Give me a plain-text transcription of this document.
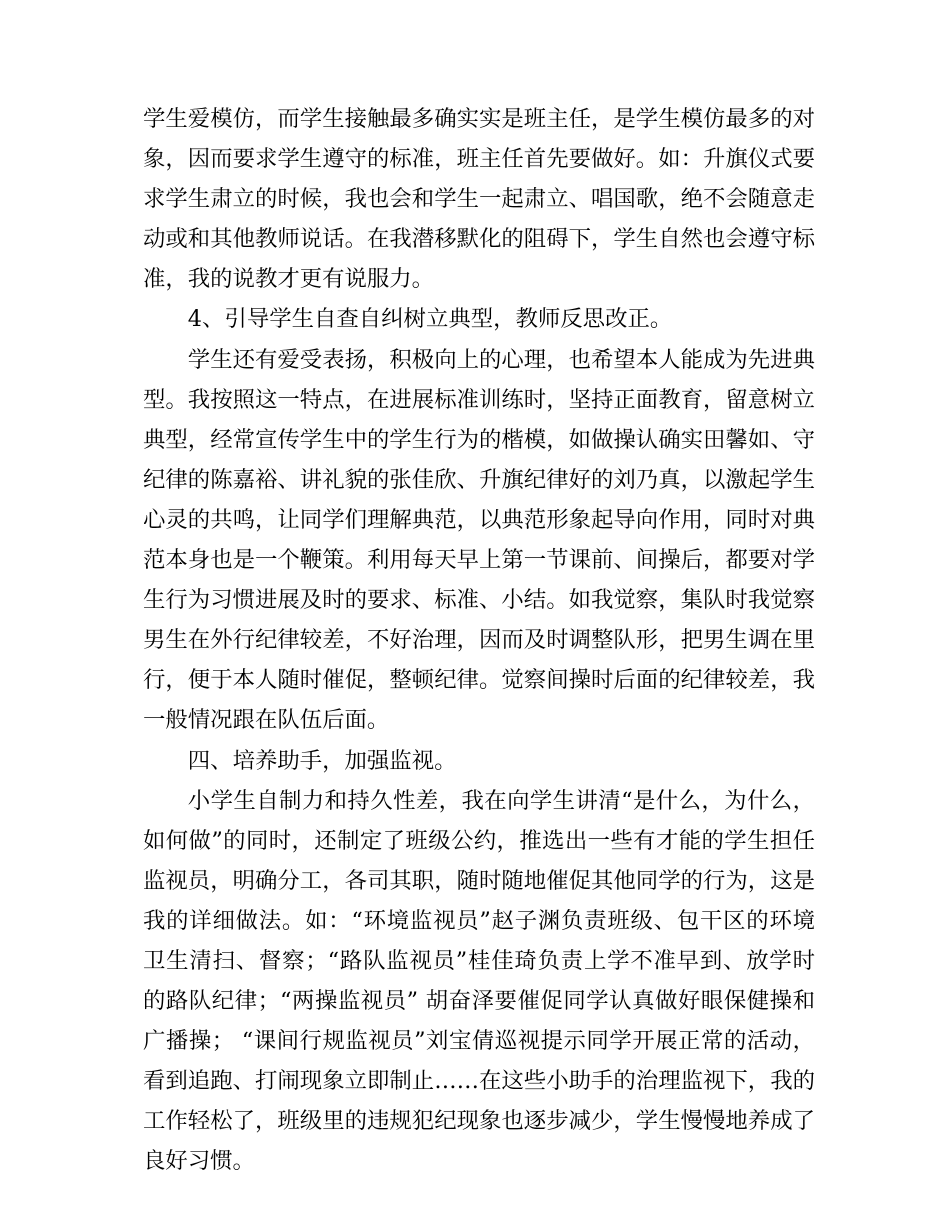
学生爱模仿，而学生接触最多确实实是班主任，是学生模仿最多的对象，因而要求学生遵守的标准，班主任首先要做好。如：升旗仪式要求学生肃立的时候，我也会和学生一起肃立、唱国歌，绝不会随意走动或和其他教师说话。在我潜移默化的阻碍下，学生自然也会遵守标准，我的说教才更有说服力。

4、引导学生自查自纠树立典型，教师反思改正。

学生还有爱受表扬，积极向上的心理，也希望本人能成为先进典型。我按照这一特点，在进展标准训练时，坚持正面教育，留意树立典型，经常宣传学生中的学生行为的楷模，如做操认确实田馨如、守纪律的陈嘉裕、讲礼貌的张佳欣、升旗纪律好的刘乃真，以激起学生心灵的共鸣，让同学们理解典范，以典范形象起导向作用，同时对典范本身也是一个鞭策。利用每天早上第一节课前、间操后，都要对学生行为习惯进展及时的要求、标准、小结。如我觉察，集队时我觉察男生在外行纪律较差，不好治理，因而及时调整队形，把男生调在里行，便于本人随时催促，整顿纪律。觉察间操时后面的纪律较差，我一般情况跟在队伍后面。

四、培养助手，加强监视。

小学生自制力和持久性差，我在向学生讲清“是什么，为什么，如何做”的同时，还制定了班级公约，推选出一些有才能的学生担任监视员，明确分工，各司其职，随时随地催促其他同学的行为，这是我的详细做法。如：“环境监视员”赵子渊负责班级、包干区的环境卫生清扫、督察；“路队监视员”桂佳琦负责上学不准早到、放学时的路队纪律；“两操监视员” 胡奋泽要催促同学认真做好眼保健操和广播操； “课间行规监视员”刘宝倩巡视提示同学开展正常的活动，看到追跑、打闹现象立即制止……在这些小助手的治理监视下，我的工作轻松了，班级里的违规犯纪现象也逐步减少，学生慢慢地养成了良好习惯。
